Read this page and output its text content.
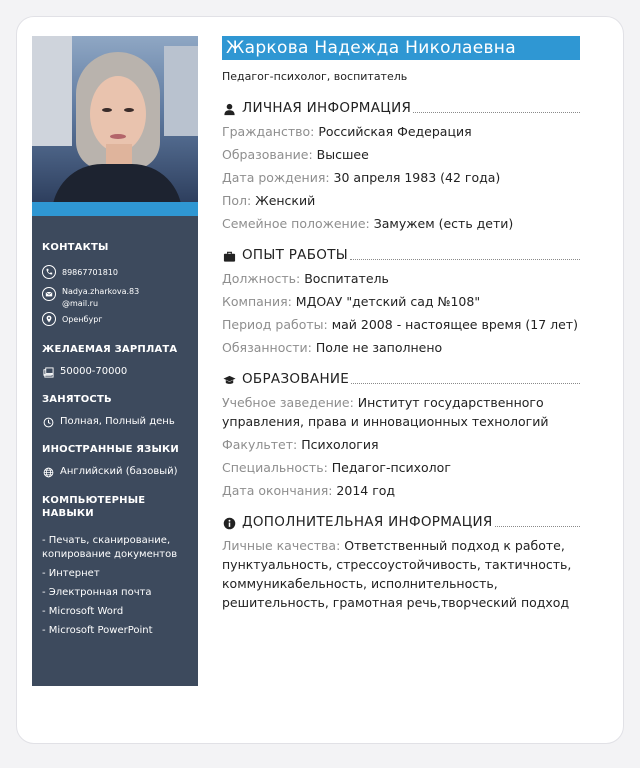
КОНТАКТЫ
89867701810
Nadya.zharkova.83
@mail.ru
Оренбург
ЖЕЛАЕМАЯ ЗАРПЛАТА
50000-70000
ЗАНЯТОСТЬ
Полная, Полный день
ИНОСТРАННЫЕ ЯЗЫКИ
Английский (базовый)
КОМПЬЮТЕРНЫЕ НАВЫКИ
- Печать, сканирование, копирование документов
- Интернет
- Электронная почта
- Microsoft Word
- Microsoft PowerPoint
Жаркова Надежда Николаевна
Педагог-психолог, воспитатель
ЛИЧНАЯ ИНФОРМАЦИЯ
Гражданство: Российская Федерация
Образование: Высшее
Дата рождения: 30 апреля 1983 (42 года)
Пол: Женский
Семейное положение: Замужем (есть дети)
ОПЫТ РАБОТЫ
Должность: Воспитатель
Компания: МДОАУ "детский сад №108"
Период работы: май 2008 - настоящее время (17 лет)
Обязанности: Поле не заполнено
ОБРАЗОВАНИЕ
Учебное заведение: Институт государственного управления, права и инновационных технологий
Факультет: Психология
Специальность: Педагог-психолог
Дата окончания: 2014 год
ДОПОЛНИТЕЛЬНАЯ ИНФОРМАЦИЯ
Личные качества: Ответственный подход к работе, пунктуальность, стрессоустойчивость, тактичность, коммуникабельность, исполнительность, решительность, грамотная речь,творческий подход
